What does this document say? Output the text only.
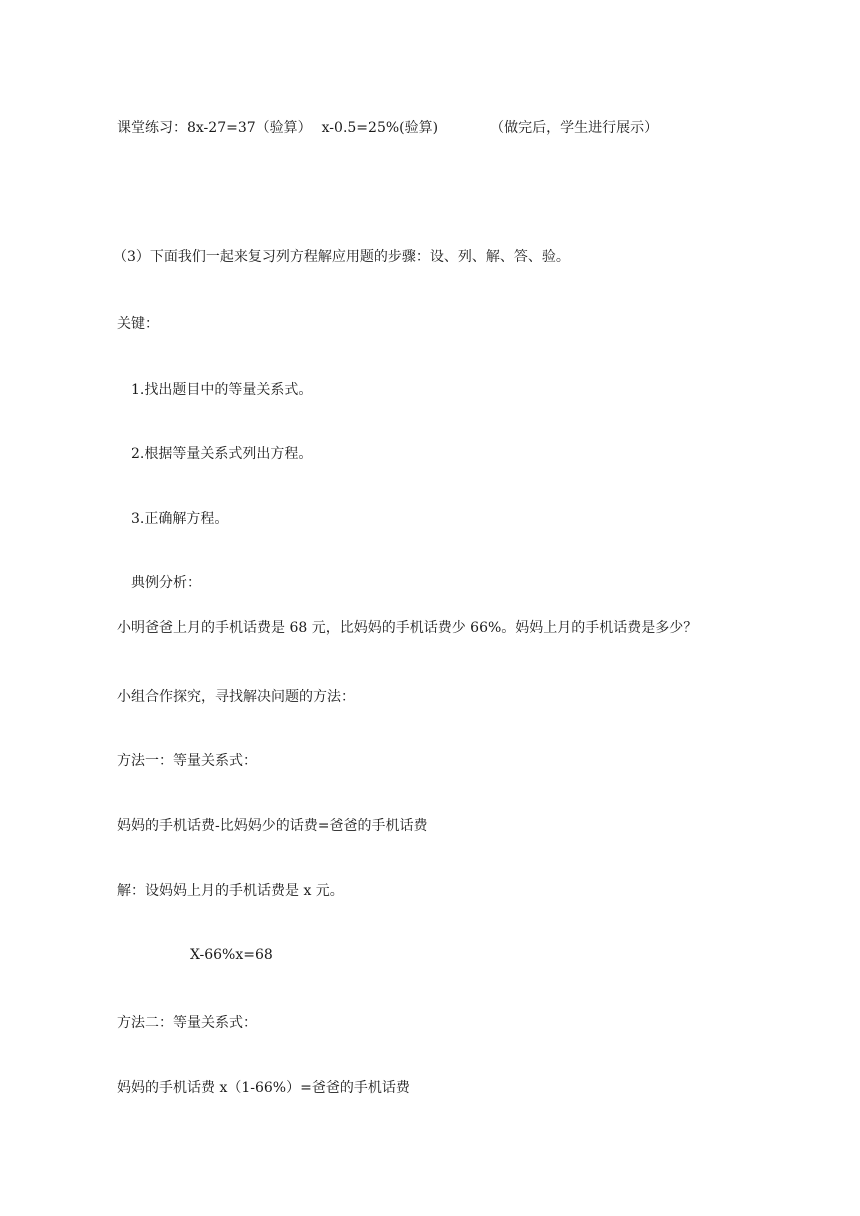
课堂练习：8x-27=37（验算） x-0.5=25%(验算)	（做完后，学生进行展示）

（3）下面我们一起来复习列方程解应用题的步骤：设、列、解、答、验。

关键：

1.找出题目中的等量关系式。

2.根据等量关系式列出方程。

3.正确解方程。

典例分析：

小明爸爸上月的手机话费是 68 元，比妈妈的手机话费少 66%。妈妈上月的手机话费是多少？

小组合作探究，寻找解决问题的方法：

方法一：等量关系式：

妈妈的手机话费-比妈妈少的话费=爸爸的手机话费

解：设妈妈上月的手机话费是 x 元。

X-66%x=68

方法二：等量关系式：

妈妈的手机话费 x（1-66%）=爸爸的手机话费
